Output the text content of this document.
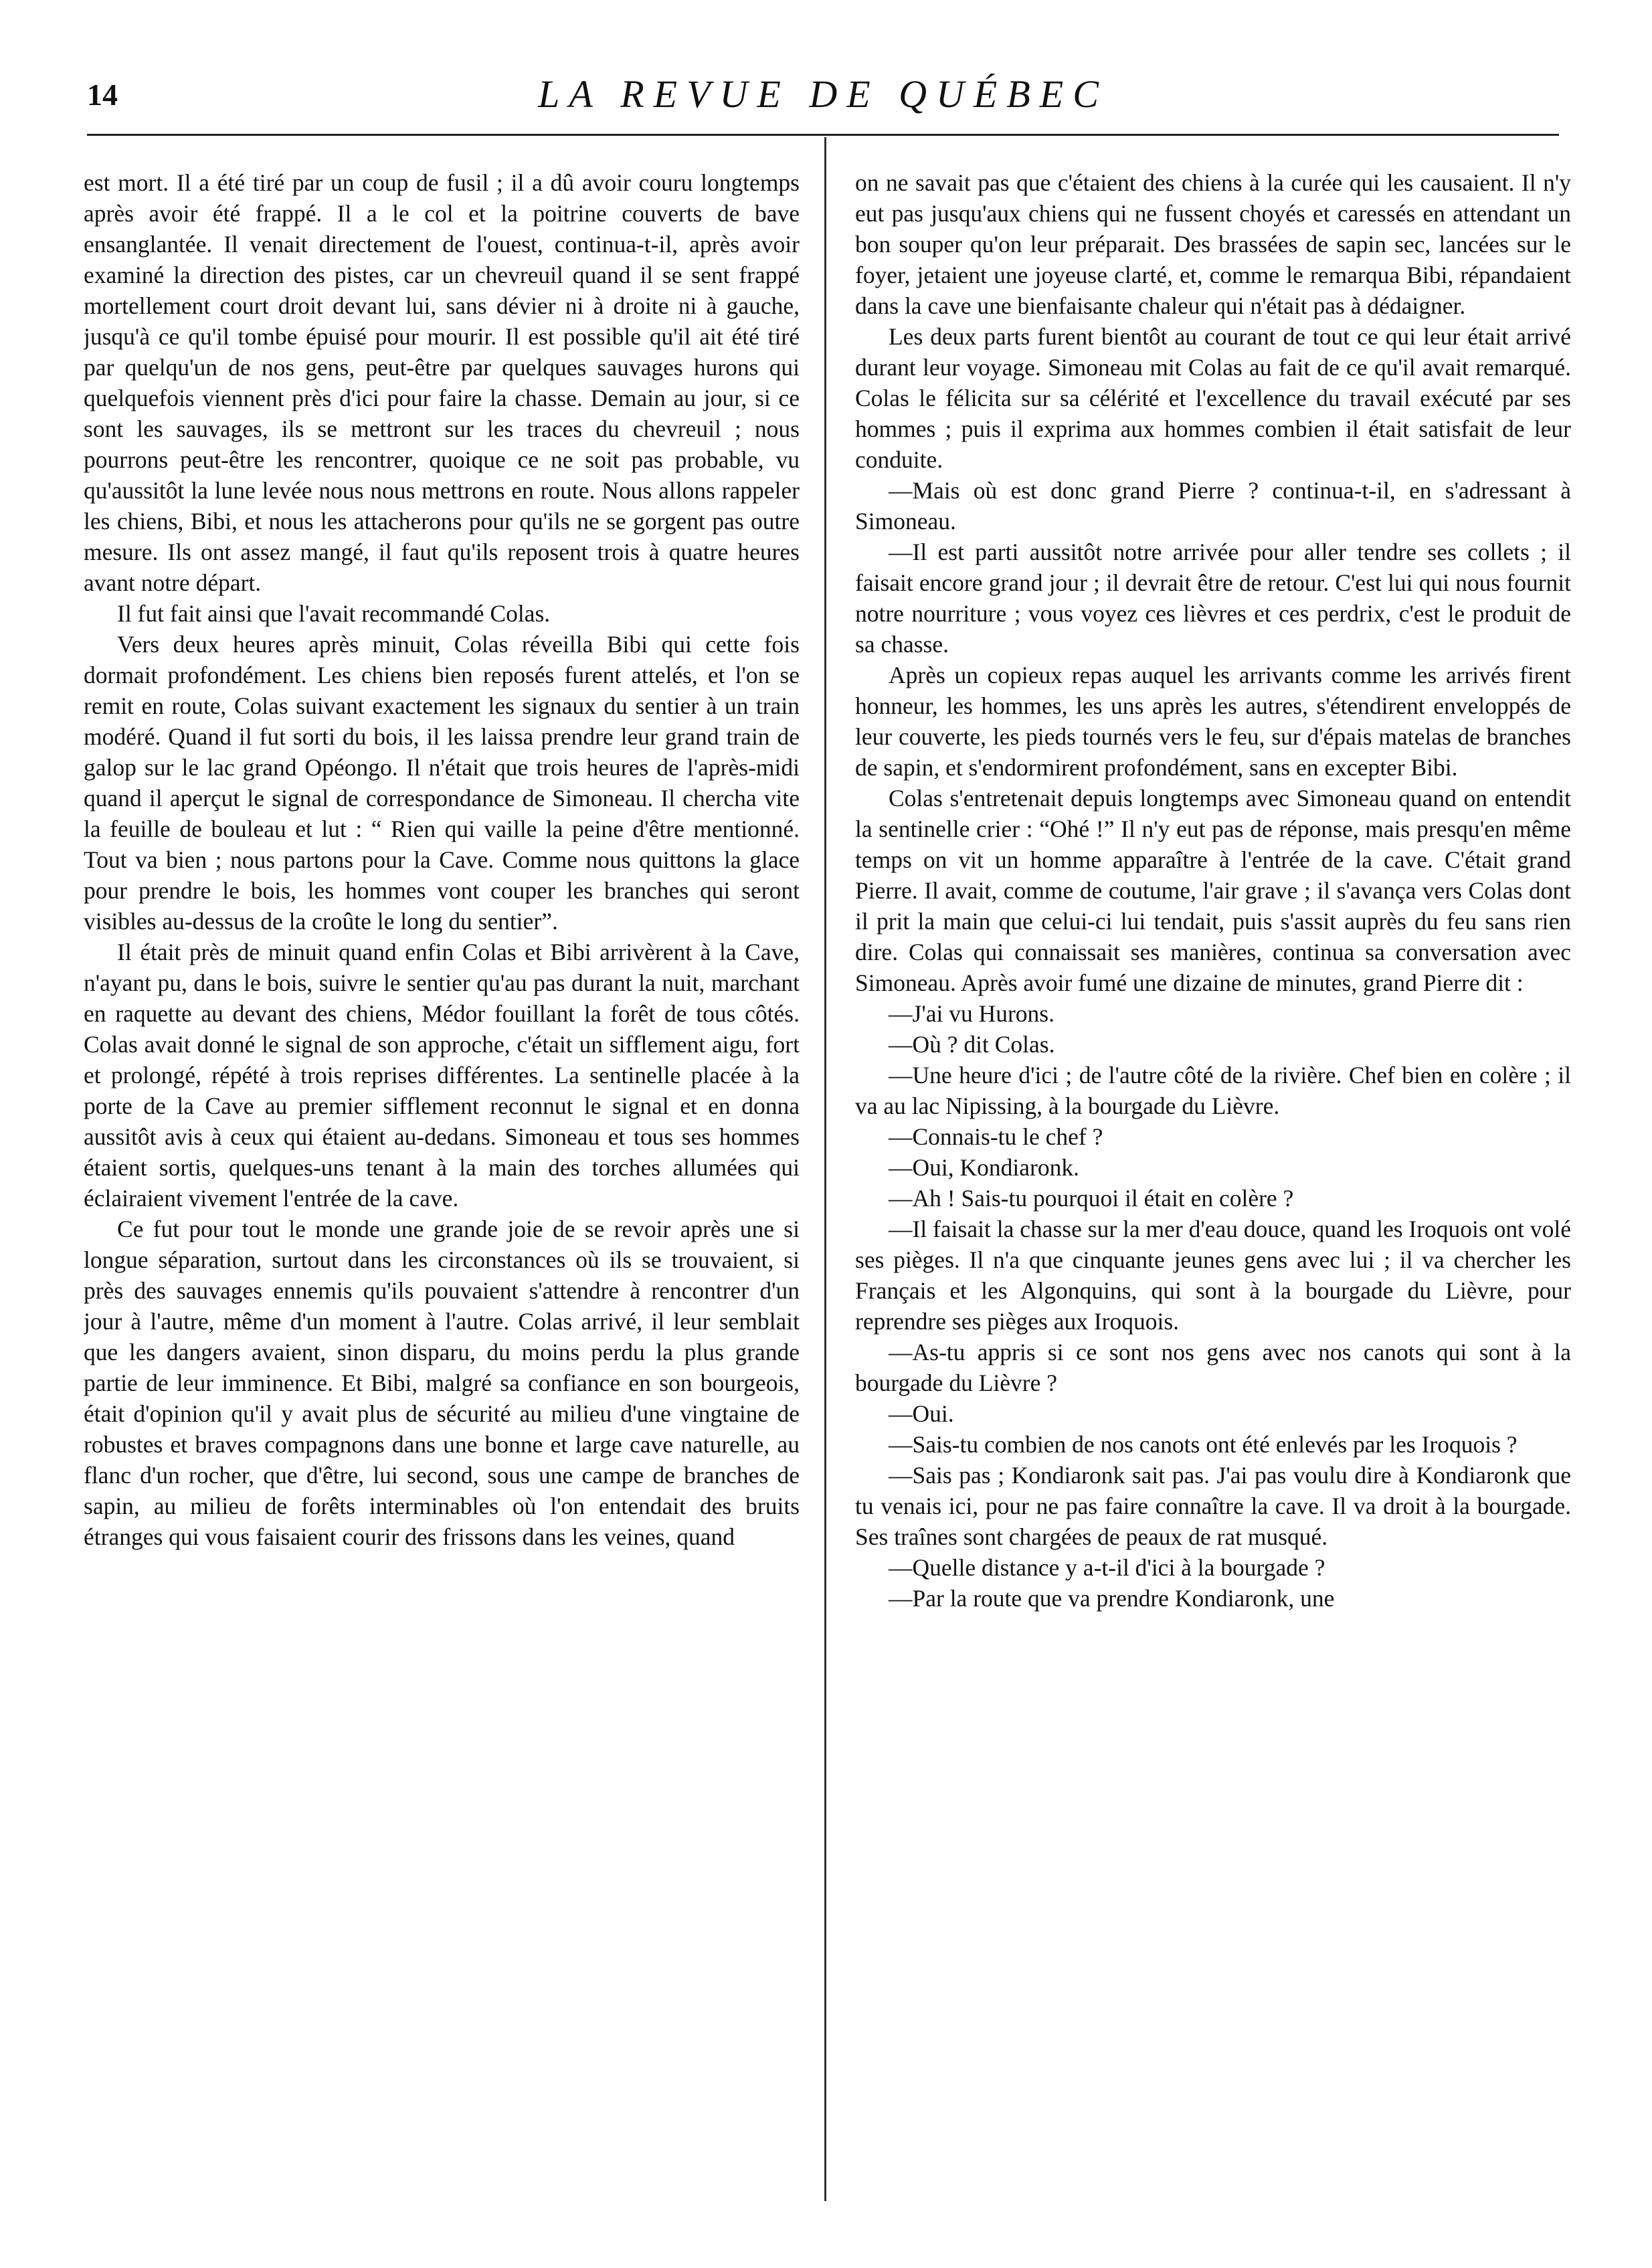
14	LA REVUE DE QUÉBEC

est mort. Il a été tiré par un coup de fusil ; il a dû avoir couru longtemps après avoir été frappé. Il a le col et la poitrine couverts de bave ensanglantée. Il venait directement de l'ouest, continua-t-il, après avoir examiné la direction des pistes, car un chevreuil quand il se sent frappé mortellement court droit devant lui, sans dévier ni à droite ni à gauche, jusqu'à ce qu'il tombe épuisé pour mourir. Il est possible qu'il ait été tiré par quelqu'un de nos gens, peut-être par quelques sauvages hurons qui quelquefois viennent près d'ici pour faire la chasse. Demain au jour, si ce sont les sauvages, ils se mettront sur les traces du chevreuil ; nous pourrons peut-être les rencontrer, quoique ce ne soit pas probable, vu qu'aussitôt la lune levée nous nous mettrons en route. Nous allons rappeler les chiens, Bibi, et nous les attacherons pour qu'ils ne se gorgent pas outre mesure. Ils ont assez mangé, il faut qu'ils reposent trois à quatre heures avant notre départ.

Il fut fait ainsi que l'avait recommandé Colas.

Vers deux heures après minuit, Colas réveilla Bibi qui cette fois dormait profondément. Les chiens bien reposés furent attelés, et l'on se remit en route, Colas suivant exactement les signaux du sentier à un train modéré. Quand il fut sorti du bois, il les laissa prendre leur grand train de galop sur le lac grand Opéongo. Il n'était que trois heures de l'après-midi quand il aperçut le signal de correspondance de Simoneau. Il chercha vite la feuille de bouleau et lut : “ Rien qui vaille la peine d'être mentionné. Tout va bien ; nous partons pour la Cave. Comme nous quittons la glace pour prendre le bois, les hommes vont couper les branches qui seront visibles au-dessus de la croûte le long du sentier”.

Il était près de minuit quand enfin Colas et Bibi arrivèrent à la Cave, n'ayant pu, dans le bois, suivre le sentier qu'au pas durant la nuit, marchant en raquette au devant des chiens, Médor fouillant la forêt de tous côtés. Colas avait donné le signal de son approche, c'était un sifflement aigu, fort et prolongé, répété à trois reprises différentes. La sentinelle placée à la porte de la Cave au premier sifflement reconnut le signal et en donna aussitôt avis à ceux qui étaient au-dedans. Simoneau et tous ses hommes étaient sortis, quelques-uns tenant à la main des torches allumées qui éclairaient vivement l'entrée de la cave.

Ce fut pour tout le monde une grande joie de se revoir après une si longue séparation, surtout dans les circonstances où ils se trouvaient, si près des sauvages ennemis qu'ils pouvaient s'attendre à rencontrer d'un jour à l'autre, même d'un moment à l'autre. Colas arrivé, il leur semblait que les dangers avaient, sinon disparu, du moins perdu la plus grande partie de leur imminence. Et Bibi, malgré sa confiance en son bourgeois, était d'opinion qu'il y avait plus de sécurité au milieu d'une vingtaine de robustes et braves compagnons dans une bonne et large cave naturelle, au flanc d'un rocher, que d'être, lui second, sous une campe de branches de sapin, au milieu de forêts interminables où l'on entendait des bruits étranges qui vous faisaient courir des frissons dans les veines, quand

on ne savait pas que c'étaient des chiens à la curée qui les causaient. Il n'y eut pas jusqu'aux chiens qui ne fussent choyés et caressés en attendant un bon souper qu'on leur préparait. Des brassées de sapin sec, lancées sur le foyer, jetaient une joyeuse clarté, et, comme le remarqua Bibi, répandaient dans la cave une bienfaisante chaleur qui n'était pas à dédaigner.

Les deux parts furent bientôt au courant de tout ce qui leur était arrivé durant leur voyage. Simoneau mit Colas au fait de ce qu'il avait remarqué. Colas le félicita sur sa célérité et l'excellence du travail exécuté par ses hommes ; puis il exprima aux hommes combien il était satisfait de leur conduite.

—Mais où est donc grand Pierre ? continua-t-il, en s'adressant à Simoneau.

—Il est parti aussitôt notre arrivée pour aller tendre ses collets ; il faisait encore grand jour ; il devrait être de retour. C'est lui qui nous fournit notre nourriture ; vous voyez ces lièvres et ces perdrix, c'est le produit de sa chasse.

Après un copieux repas auquel les arrivants comme les arrivés firent honneur, les hommes, les uns après les autres, s'étendirent enveloppés de leur couverte, les pieds tournés vers le feu, sur d'épais matelas de branches de sapin, et s'endormirent profondément, sans en excepter Bibi.

Colas s'entretenait depuis longtemps avec Simoneau quand on entendit la sentinelle crier : “Ohé !” Il n'y eut pas de réponse, mais presqu'en même temps on vit un homme apparaître à l'entrée de la cave. C'était grand Pierre. Il avait, comme de coutume, l'air grave ; il s'avança vers Colas dont il prit la main que celui-ci lui tendait, puis s'assit auprès du feu sans rien dire. Colas qui connaissait ses manières, continua sa conversation avec Simoneau. Après avoir fumé une dizaine de minutes, grand Pierre dit :

—J'ai vu Hurons.

—Où ? dit Colas.

—Une heure d'ici ; de l'autre côté de la rivière. Chef bien en colère ; il va au lac Nipissing, à la bourgade du Lièvre.

—Connais-tu le chef ?

—Oui, Kondiaronk.

—Ah ! Sais-tu pourquoi il était en colère ?

—Il faisait la chasse sur la mer d'eau douce, quand les Iroquois ont volé ses pièges. Il n'a que cinquante jeunes gens avec lui ; il va chercher les Français et les Algonquins, qui sont à la bourgade du Lièvre, pour reprendre ses pièges aux Iroquois.

—As-tu appris si ce sont nos gens avec nos canots qui sont à la bourgade du Lièvre ?

—Oui.

—Sais-tu combien de nos canots ont été enlevés par les Iroquois ?

—Sais pas ; Kondiaronk sait pas. J'ai pas voulu dire à Kondiaronk que tu venais ici, pour ne pas faire connaître la cave. Il va droit à la bourgade. Ses traînes sont chargées de peaux de rat musqué.

—Quelle distance y a-t-il d'ici à la bourgade ?

—Par la route que va prendre Kondiaronk, une
